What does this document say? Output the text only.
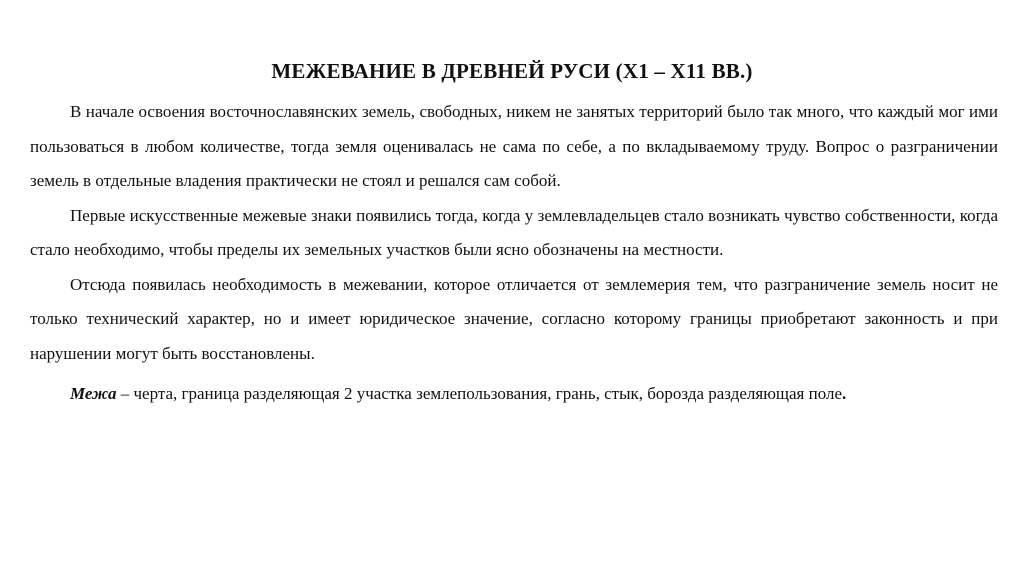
МЕЖЕВАНИЕ В ДРЕВНЕЙ РУСИ (X1 – X11 ВВ.)

В начале освоения восточнославянских земель, свободных, никем не занятых территорий было так много, что каждый мог ими пользоваться в любом количестве, тогда земля оценивалась не сама по себе, а по вкладываемому труду. Вопрос о разграничении земель в отдельные владения практически не стоял и решался сам собой.

Первые искусственные межевые знаки появились тогда, когда у землевладельцев стало возникать чувство собственности, когда стало необходимо, чтобы пределы их земельных участков были ясно обозначены на местности.

Отсюда появилась необходимость в межевании, которое отличается от землемерия тем, что разграничение земель носит не только технический характер, но и имеет юридическое значение, согласно которому границы приобретают законность и при нарушении могут быть восстановлены.

Межа – черта, граница разделяющая 2 участка землепользования, грань, стык, борозда разделяющая поле.
